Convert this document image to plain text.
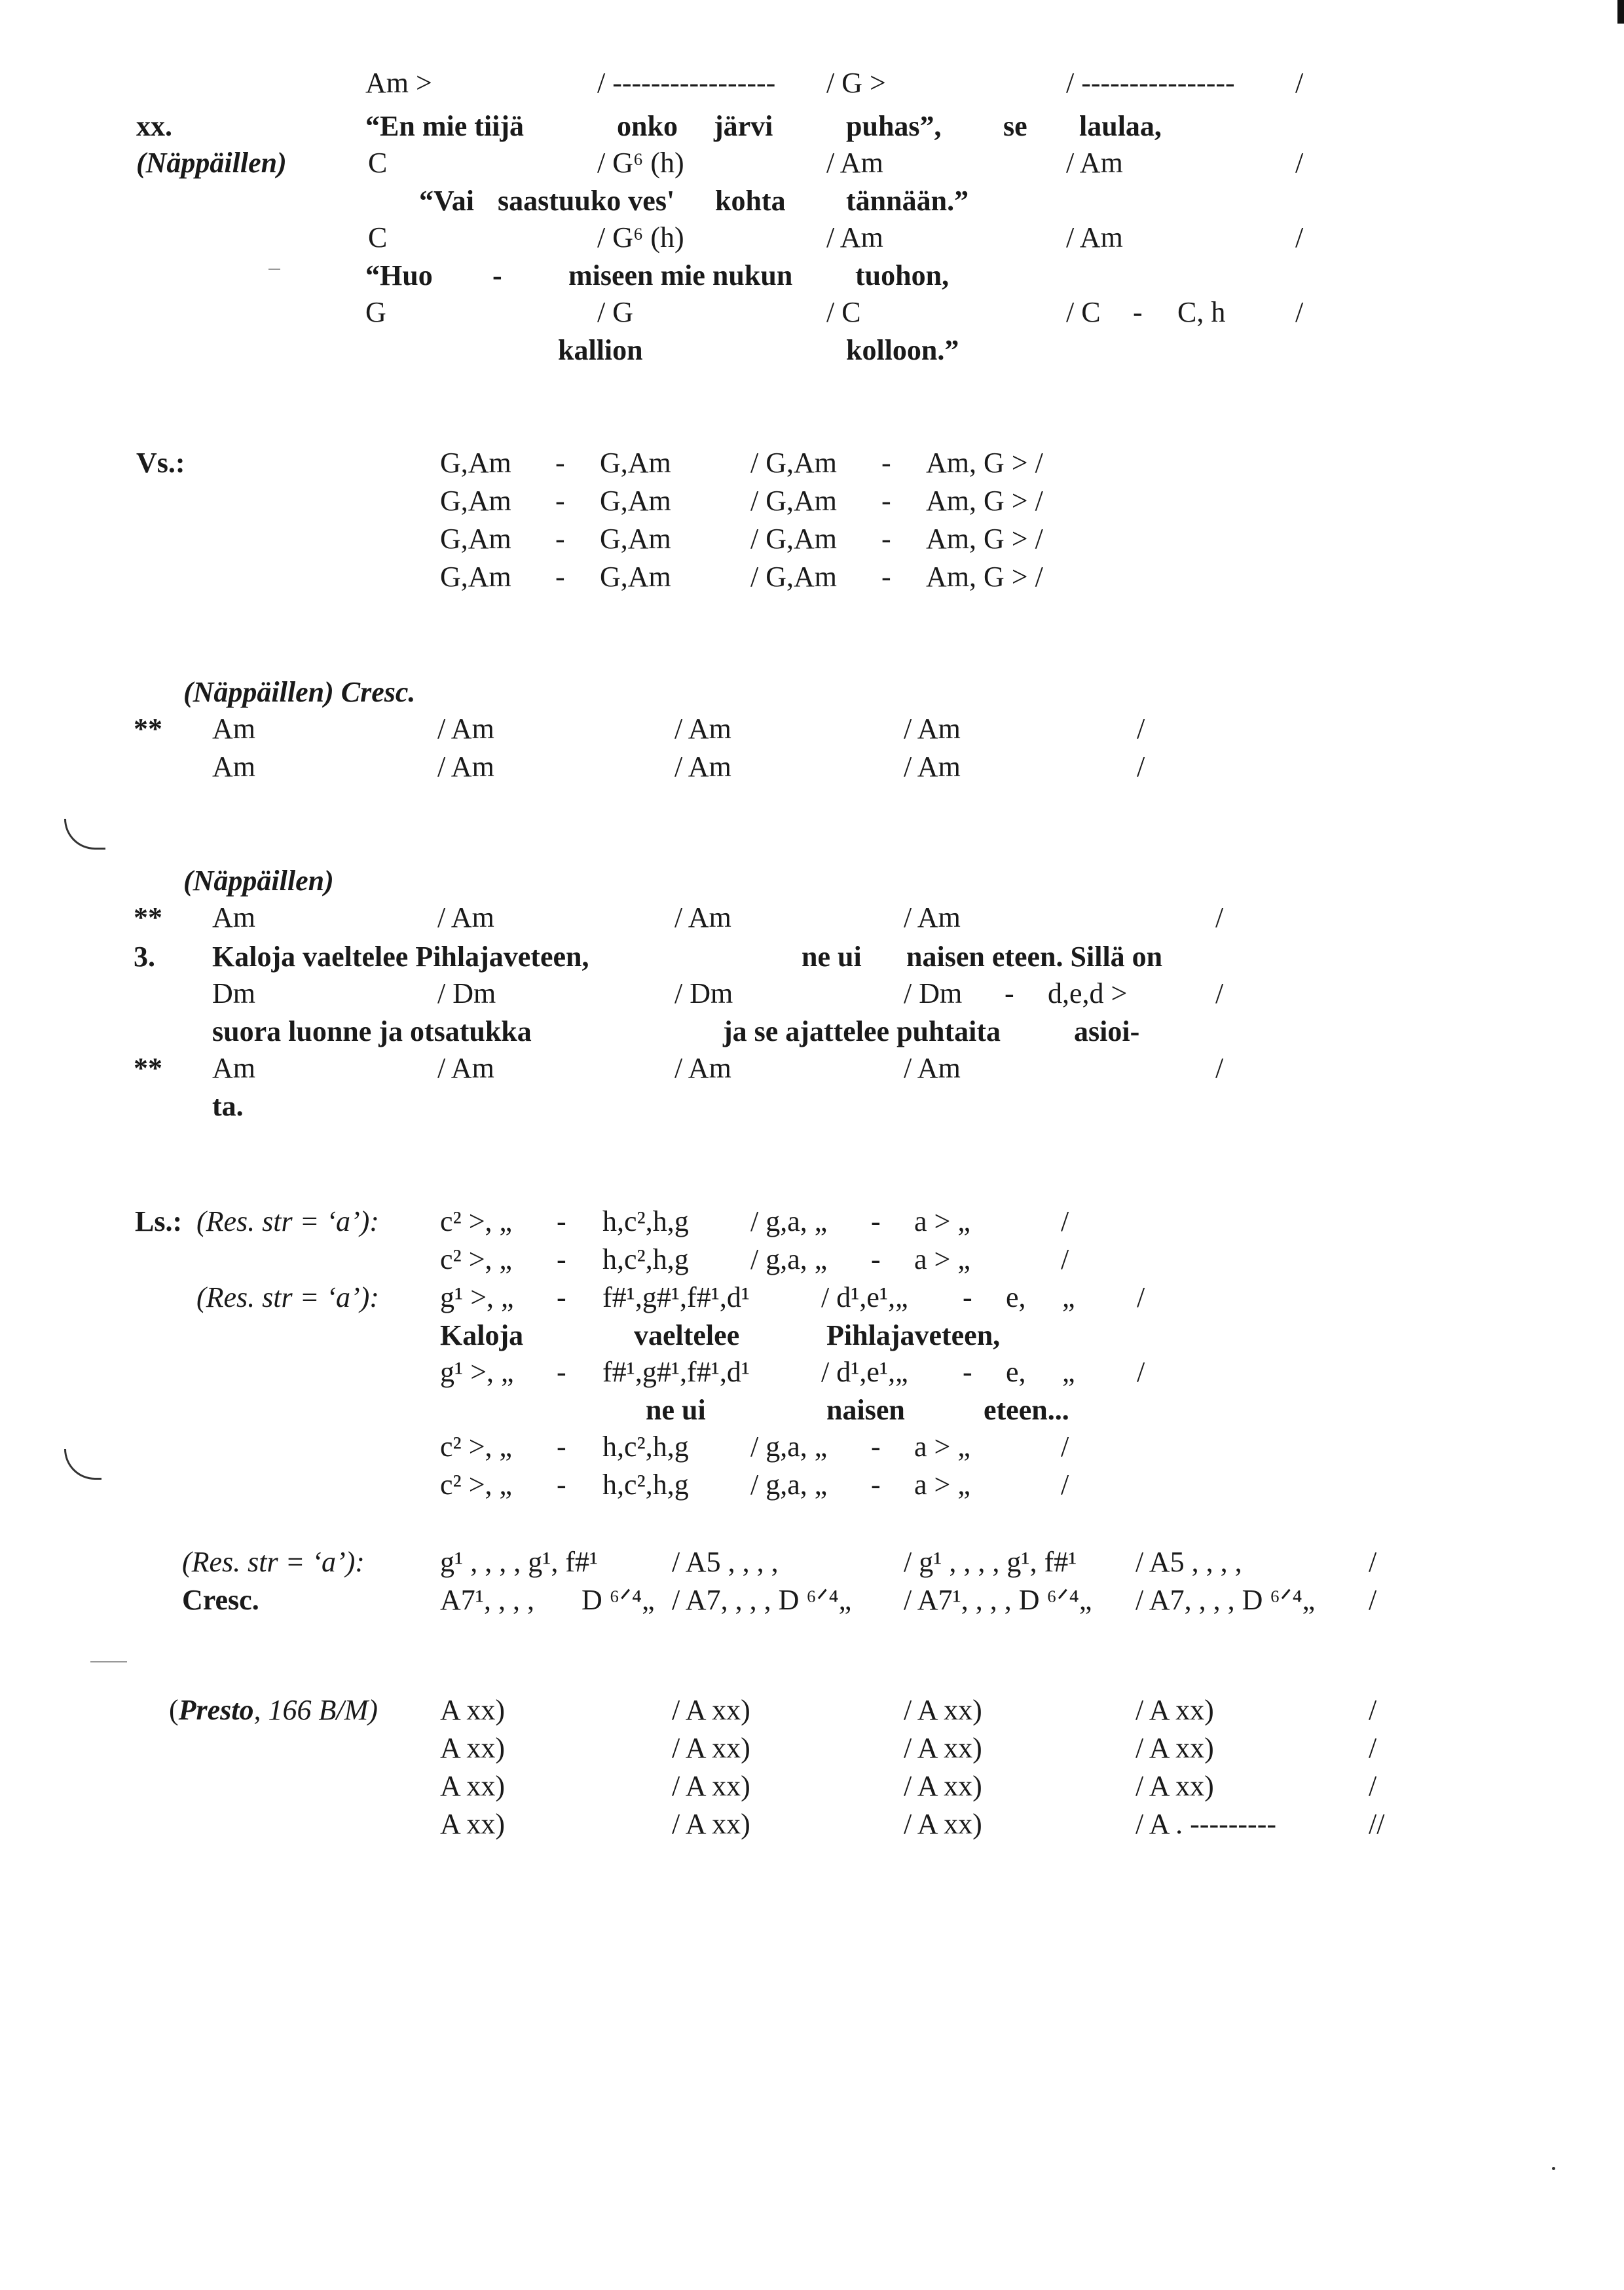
Am >	/ ----------------- / G >	/ ---------------- /
xx.	“En mie tiijä	onko järvi	puhas”, se laulaa,
(Näppäillen)	C	/ G⁶ (h)	/ Am	/ Am	/
“Vai saastuuko ves' kohta tännään.”
C	/ G⁶ (h)	/ Am	/ Am	/
“Huo - miseen mie nukun tuohon,
G	/ G	/ C	/ C - C, h /
kallion	kolloon.”
Vs.:	G,Am - G,Am	/ G,Am - Am, G > /
G,Am - G,Am	/ G,Am - Am, G > /
G,Am - G,Am	/ G,Am - Am, G > /
G,Am - G,Am	/ G,Am - Am, G > /
(Näppäillen) Cresc.
** Am	/ Am	/ Am	/ Am	/
Am	/ Am	/ Am	/ Am	/
(Näppäillen)
** Am	/ Am	/ Am	/ Am	/
3. Kaloja vaeltelee Pihlajaveteen,	ne ui naisen eteen. Sillä on
Dm	/ Dm	/ Dm	/ Dm - d,e,d >	/
suora luonne ja otsatukka	ja se ajattelee puhtaita	asioi-
** Am	/ Am	/ Am	/ Am	/
ta.
Ls.: (Res. str = ‘a’): c² >, „ - h,c²,h,g / g,a, „ - a > „	/
c² >, „ - h,c²,h,g / g,a, „ - a > „	/
(Res. str = ‘a’): g¹ >, „ - f#¹,g#¹,f#¹,d¹ / d¹,e¹,„ - e, „ /
Kaloja	vaeltelee	Pihlajaveteen,
g¹ >, „ - f#¹,g#¹,f#¹,d¹ / d¹,e¹,„ - e, „ /
ne ui	naisen	eteen...
c² >, „ - h,c²,h,g / g,a, „ - a > „	/
c² >, „ - h,c²,h,g / g,a, „ - a > „	/
(Res. str = ‘a’):	g¹ , , , , g¹, f#¹	/ A5 , , , ,	/ g¹ , , , , g¹, f#¹ / A5 , , , ,	/
Cresc.	A7¹, , , , D ⁶ᐟ⁴„ / A7, , , , D ⁶ᐟ⁴„ / A7¹, , , , D ⁶ᐟ⁴„ / A7, , , , D ⁶ᐟ⁴„ /
(Presto, 166 B/M) A xx)	/ A xx)	/ A xx)	/ A xx)	/
A xx)	/ A xx)	/ A xx)	/ A xx)	/
A xx)	/ A xx)	/ A xx)	/ A xx)	/
A xx)	/ A xx)	/ A xx)	/ A . ---------	//
